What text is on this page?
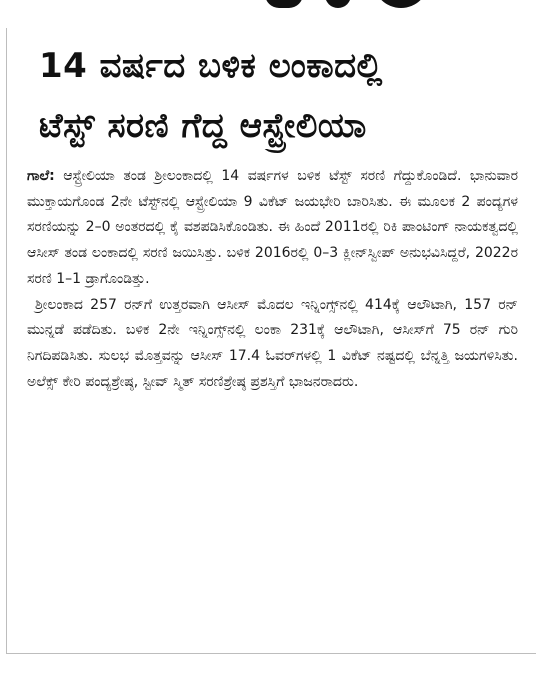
14 ವರ್ಷದ ಬಳಿಕ ಲಂಕಾದಲ್ಲಿ
ಟೆಸ್ಟ್ ಸರಣಿ ಗೆದ್ದ ಆಸ್ಟ್ರೇಲಿಯಾ

ಗಾಲೆ: ಆಸ್ಟ್ರೇಲಿಯಾ ತಂಡ ಶ್ರೀಲಂಕಾದಲ್ಲಿ 14 ವರ್ಷಗಳ ಬಳಿಕ ಟೆಸ್ಟ್ ಸರಣಿ ಗೆದ್ದುಕೊಂಡಿದೆ. ಭಾನುವಾರ ಮುಕ್ತಾಯಗೊಂಡ 2ನೇ ಟೆಸ್ಟ್‌ನಲ್ಲಿ ಆಸ್ಟ್ರೇಲಿಯಾ 9 ವಿಕೆಟ್ ಜಯಭೇರಿ ಬಾರಿಸಿತು. ಈ ಮೂಲಕ 2 ಪಂದ್ಯಗಳ ಸರಣಿಯನ್ನು 2–0 ಅಂತರದಲ್ಲಿ ಕೈ ವಶಪಡಿಸಿಕೊಂಡಿತು. ಈ ಹಿಂದೆ 2011ರಲ್ಲಿ ರಿಕಿ ಪಾಂಟಿಂಗ್ ನಾಯಕತ್ವದಲ್ಲಿ ಆಸೀಸ್ ತಂಡ ಲಂಕಾದಲ್ಲಿ ಸರಣಿ ಜಯಿಸಿತ್ತು. ಬಳಿಕ 2016ರಲ್ಲಿ 0–3 ಕ್ಲೀನ್‌ಸ್ವೀಪ್ ಅನುಭವಿಸಿದ್ದರೆ, 2022ರ ಸರಣಿ 1–1 ಡ್ರಾಗೊಂಡಿತ್ತು.

ಶ್ರೀಲಂಕಾದ 257 ರನ್‌ಗೆ ಉತ್ತರವಾಗಿ ಆಸೀಸ್ ಮೊದಲ ಇನ್ನಿಂಗ್ಸ್‌ನಲ್ಲಿ 414ಕ್ಕೆ ಆಲೌಟಾಗಿ, 157 ರನ್ ಮುನ್ನಡೆ ಪಡೆದಿತು. ಬಳಿಕ 2ನೇ ಇನ್ನಿಂಗ್ಸ್‌ನಲ್ಲಿ ಲಂಕಾ 231ಕ್ಕೆ ಆಲೌಟಾಗಿ, ಆಸೀಸ್‌ಗೆ 75 ರನ್ ಗುರಿ ನಿಗದಿಪಡಿಸಿತು. ಸುಲಭ ಮೊತ್ತವನ್ನು ಆಸೀಸ್ 17.4 ಓವರ್‌ಗಳಲ್ಲಿ 1 ವಿಕೆಟ್ ನಷ್ಟದಲ್ಲಿ ಬೆನ್ನತ್ತಿ ಜಯಗಳಿಸಿತು. ಅಲೆಕ್ಸ್ ಕೇರಿ ಪಂದ್ಯಶ್ರೇಷ್ಠ, ಸ್ಟೀವ್ ಸ್ಮಿತ್ ಸರಣಿಶ್ರೇಷ್ಠ ಪ್ರಶಸ್ತಿಗೆ ಭಾಜನರಾದರು.
